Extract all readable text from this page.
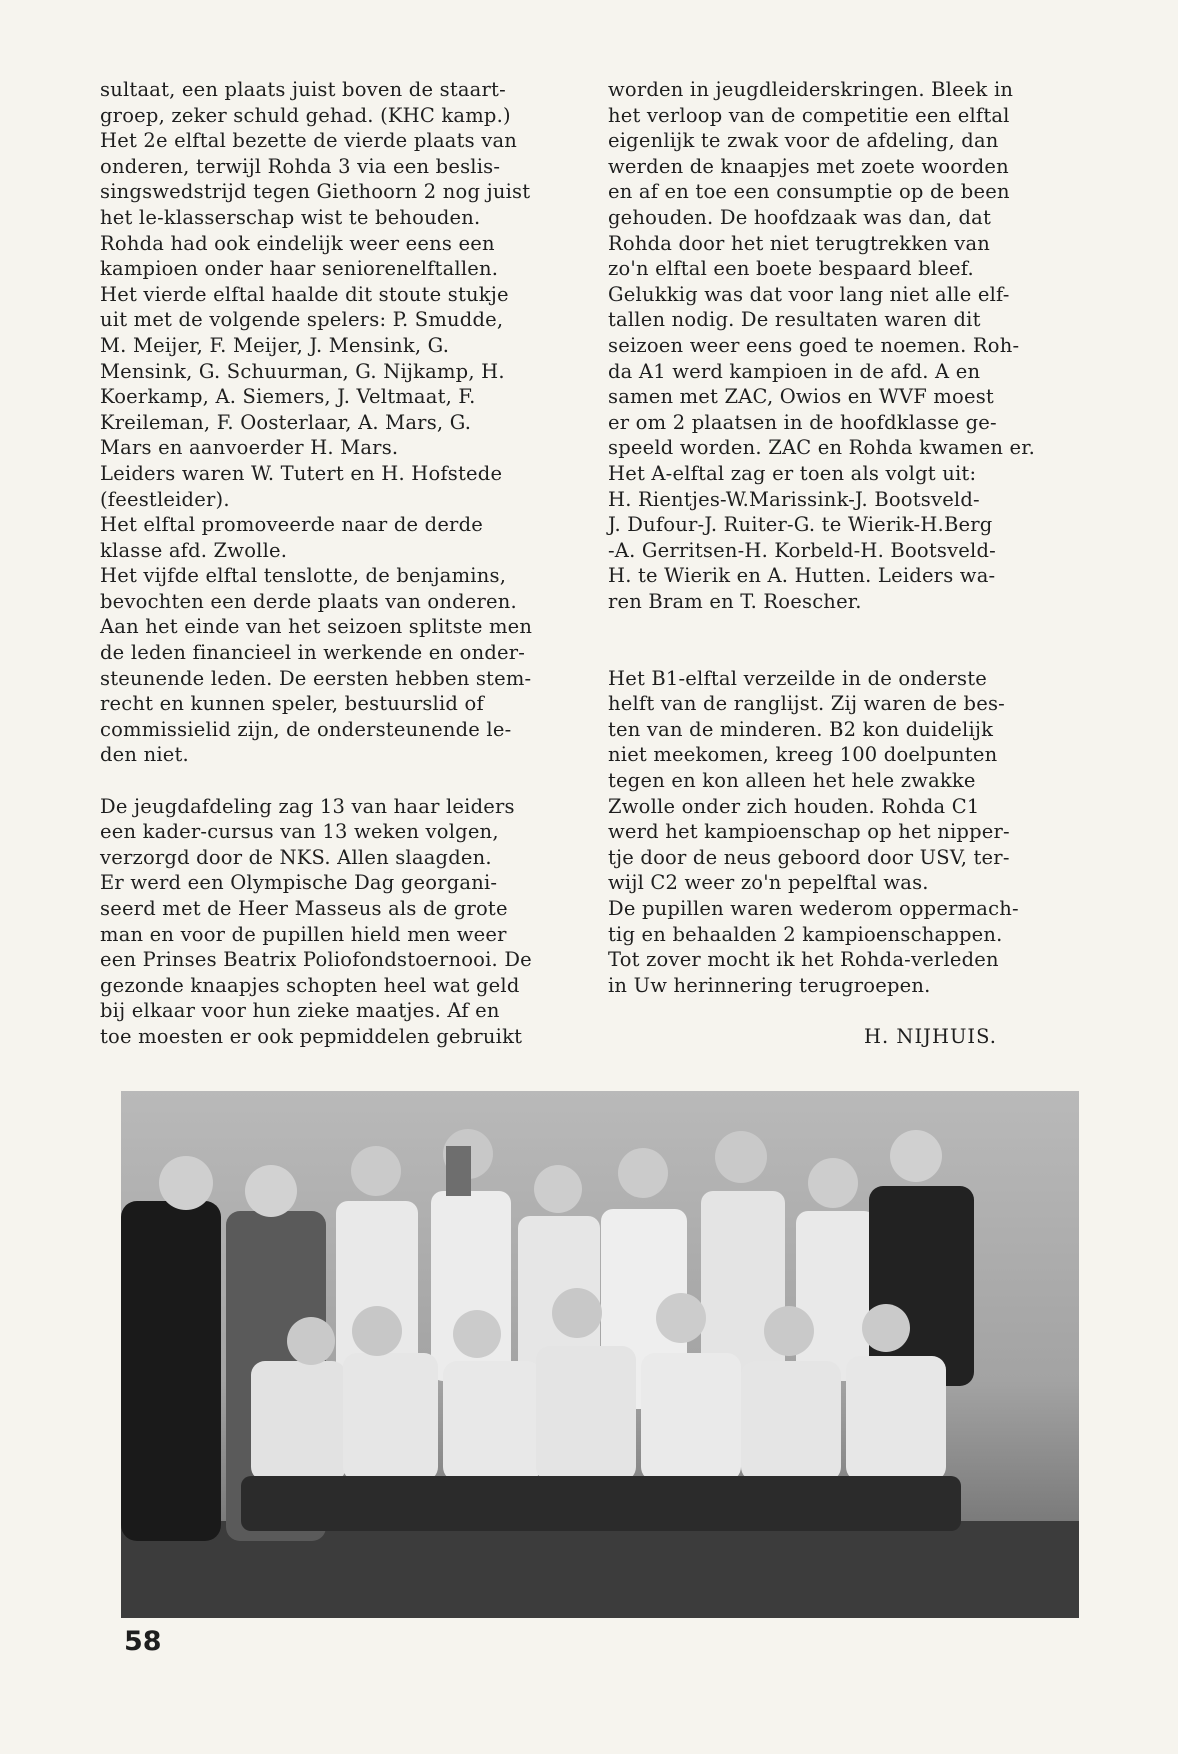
sultaat, een plaats juist boven de staart-
groep, zeker schuld gehad. (KHC kamp.)
Het 2e elftal bezette de vierde plaats van
onderen, terwijl Rohda 3 via een beslis-
singswedstrijd tegen Giethoorn 2 nog juist
het le-klasserschap wist te behouden.
Rohda had ook eindelijk weer eens een
kampioen onder haar seniorenelftallen.
Het vierde elftal haalde dit stoute stukje
uit met de volgende spelers: P. Smudde,
M. Meijer, F. Meijer, J. Mensink, G.
Mensink, G. Schuurman, G. Nijkamp, H.
Koerkamp, A. Siemers, J. Veltmaat, F.
Kreileman, F. Oosterlaar, A. Mars, G.
Mars en aanvoerder H. Mars.
Leiders waren W. Tutert en H. Hofstede
(feestleider).
Het elftal promoveerde naar de derde
klasse afd. Zwolle.
Het vijfde elftal tenslotte, de benjamins,
bevochten een derde plaats van onderen.
Aan het einde van het seizoen splitste men
de leden financieel in werkende en onder-
steunende leden. De eersten hebben stem-
recht en kunnen speler, bestuurslid of
commissielid zijn, de ondersteunende le-
den niet.
De jeugdafdeling zag 13 van haar leiders
een kader-cursus van 13 weken volgen,
verzorgd door de NKS. Allen slaagden.
Er werd een Olympische Dag georgani-
seerd met de Heer Masseus als de grote
man en voor de pupillen hield men weer
een Prinses Beatrix Poliofondstoernooi. De
gezonde knaapjes schopten heel wat geld
bij elkaar voor hun zieke maatjes. Af en
toe moesten er ook pepmiddelen gebruikt
worden in jeugdleiderskringen. Bleek in
het verloop van de competitie een elftal
eigenlijk te zwak voor de afdeling, dan
werden de knaapjes met zoete woorden
en af en toe een consumptie op de been
gehouden. De hoofdzaak was dan, dat
Rohda door het niet terugtrekken van
zo'n elftal een boete bespaard bleef.
Gelukkig was dat voor lang niet alle elf-
tallen nodig. De resultaten waren dit
seizoen weer eens goed te noemen. Roh-
da A1 werd kampioen in de afd. A en
samen met ZAC, Owios en WVF moest
er om 2 plaatsen in de hoofdklasse ge-
speeld worden. ZAC en Rohda kwamen er.
Het A-elftal zag er toen als volgt uit:
H. Rientjes-W.Marissink-J. Bootsveld-
J. Dufour-J. Ruiter-G. te Wierik-H.Berg
-A. Gerritsen-H. Korbeld-H. Bootsveld-
H. te Wierik en A. Hutten. Leiders wa-
ren Bram en T. Roescher.
Het B1-elftal verzeilde in de onderste
helft van de ranglijst. Zij waren de bes-
ten van de minderen. B2 kon duidelijk
niet meekomen, kreeg 100 doelpunten
tegen en kon alleen het hele zwakke
Zwolle onder zich houden. Rohda C1
werd het kampioenschap op het nipper-
tje door de neus geboord door USV, ter-
wijl C2 weer zo'n pepelftal was.
De pupillen waren wederom oppermach-
tig en behaalden 2 kampioenschappen.
Tot zover mocht ik het Rohda-verleden
in Uw herinnering terugroepen.
H. NIJHUIS.
58
